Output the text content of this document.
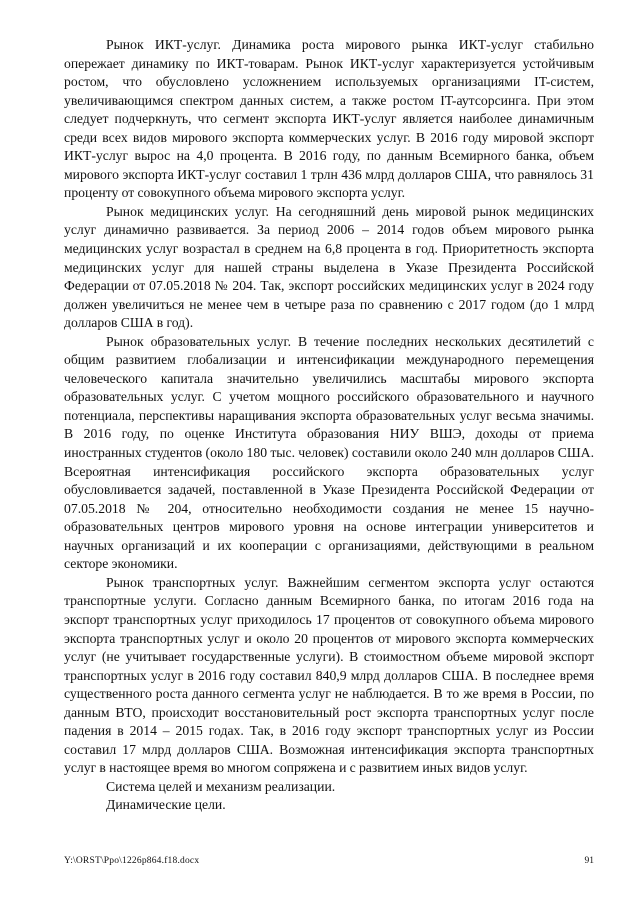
Рынок ИКТ-услуг. Динамика роста мирового рынка ИКТ-услуг стабильно опережает динамику по ИКТ-товарам. Рынок ИКТ-услуг характеризуется устойчивым ростом, что обусловлено усложнением используемых организациями IT-систем, увеличивающимся спектром данных систем, а также ростом IT-аутсорсинга. При этом следует подчеркнуть, что сегмент экспорта ИКТ-услуг является наиболее динамичным среди всех видов мирового экспорта коммерческих услуг. В 2016 году мировой экспорт ИКТ-услуг вырос на 4,0 процента. В 2016 году, по данным Всемирного банка, объем мирового экспорта ИКТ-услуг составил 1 трлн 436 млрд долларов США, что равнялось 31 проценту от совокупного объема мирового экспорта услуг.

Рынок медицинских услуг. На сегодняшний день мировой рынок медицинских услуг динамично развивается. За период 2006 – 2014 годов объем мирового рынка медицинских услуг возрастал в среднем на 6,8 процента в год. Приоритетность экспорта медицинских услуг для нашей страны выделена в Указе Президента Российской Федерации от 07.05.2018 № 204. Так, экспорт российских медицинских услуг в 2024 году должен увеличиться не менее чем в четыре раза по сравнению с 2017 годом (до 1 млрд долларов США в год).

Рынок образовательных услуг. В течение последних нескольких десятилетий с общим развитием глобализации и интенсификации международного перемещения человеческого капитала значительно увеличились масштабы мирового экспорта образовательных услуг. С учетом мощного российского образовательного и научного потенциала, перспективы наращивания экспорта образовательных услуг весьма значимы. В 2016 году, по оценке Института образования НИУ ВШЭ, доходы от приема иностранных студентов (около 180 тыс. человек) составили около 240 млн долларов США. Всероятная интенсификация российского экспорта образовательных услуг обусловливается задачей, поставленной в Указе Президента Российской Федерации от 07.05.2018 № 204, относительно необходимости создания не менее 15 научно-образовательных центров мирового уровня на основе интеграции университетов и научных организаций и их кооперации с организациями, действующими в реальном секторе экономики.

Рынок транспортных услуг. Важнейшим сегментом экспорта услуг остаются транспортные услуги. Согласно данным Всемирного банка, по итогам 2016 года на экспорт транспортных услуг приходилось 17 процентов от совокупного объема мирового экспорта транспортных услуг и около 20 процентов от мирового экспорта коммерческих услуг (не учитывает государственные услуги). В стоимостном объеме мировой экспорт транспортных услуг в 2016 году составил 840,9 млрд долларов США. В последнее время существенного роста данного сегмента услуг не наблюдается. В то же время в России, по данным ВТО, происходит восстановительный рост экспорта транспортных услуг после падения в 2014 – 2015 годах. Так, в 2016 году экспорт транспортных услуг из России составил 17 млрд долларов США. Возможная интенсификация экспорта транспортных услуг в настоящее время во многом сопряжена и с развитием иных видов услуг.

Система целей и механизм реализации.

Динамические цели.

Y:\ORST\Ppo\1226p864.f18.docx	91
